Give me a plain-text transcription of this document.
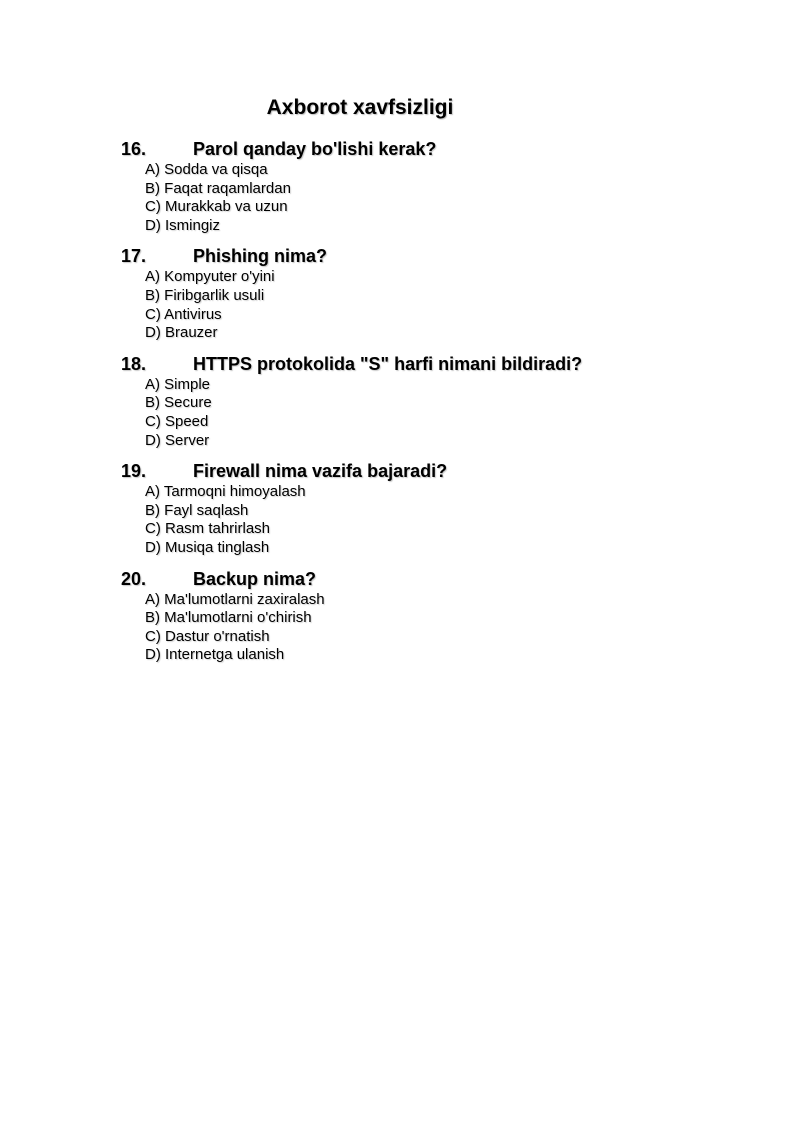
Axborot xavfsizligi
16.	Parol qanday bo'lishi kerak?
A) Sodda va qisqa
B) Faqat raqamlardan
C) Murakkab va uzun
D) Ismingiz
17.	Phishing nima?
A) Kompyuter o'yini
B) Firibgarlik usuli
C) Antivirus
D) Brauzer
18.	HTTPS protokolida "S" harfi nimani bildiradi?
A) Simple
B) Secure
C) Speed
D) Server
19.	Firewall nima vazifa bajaradi?
A) Tarmoqni himoyalash
B) Fayl saqlash
C) Rasm tahrirlash
D) Musiqa tinglash
20.	Backup nima?
A) Ma'lumotlarni zaxiralash
B) Ma'lumotlarni o'chirish
C) Dastur o'rnatish
D) Internetga ulanish
